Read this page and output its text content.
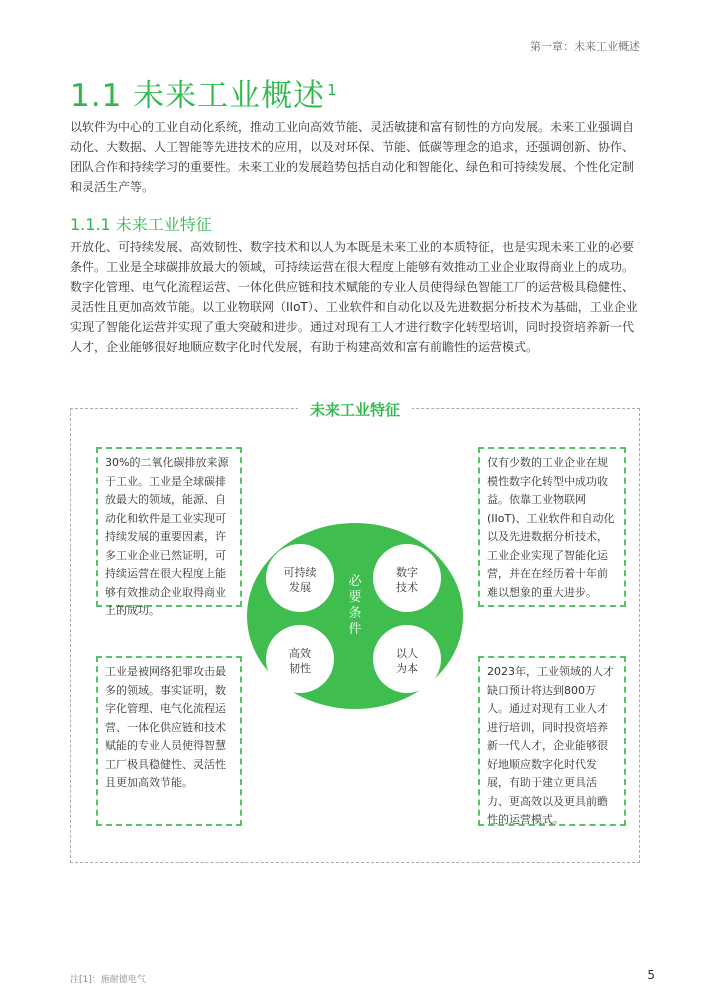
第一章：未来工业概述
1.1 未来工业概述 $^1$

以软件为中心的工业自动化系统，推动工业向高效节能、灵活敏捷和富有韧性的方向发展。未来工业强调自动化、大数据、人工智能等先进技术的应用，以及对环保、节能、低碳等理念的追求，还强调创新、协作、团队合作和持续学习的重要性。未来工业的发展趋势包括自动化和智能化、绿色和可持续发展、个性化定制和灵活生产等。

1.1.1 未来工业特征

开放化、可持续发展、高效韧性、数字技术和以人为本既是未来工业的本质特征，也是实现未来工业的必要条件。工业是全球碳排放最大的领域，可持续运营在很大程度上能够有效推动工业企业取得商业上的成功。数字化管理、电气化流程运营、一体化供应链和技术赋能的专业人员使得绿色智能工厂的运营极具稳健性、灵活性且更加高效节能。以工业物联网（IIoT）、工业软件和自动化以及先进数据分析技术为基础，工业企业实现了智能化运营并实现了重大突破和进步。通过对现有工人才进行数字化转型培训，同时投资培养新一代人才，企业能够很好地顺应数字化时代发展，有助于构建高效和富有前瞻性的运营模式。

未来工业特征
30%的二氧化碳排放来源于工业。工业是全球碳排放最大的领域，能源、自动化和软件是工业实现可持续发展的重要因素，许多工业企业已然证明，可持续运营在很大程度上能够有效推动企业取得商业上的成功。
仅有少数的工业企业在规模性数字化转型中成功收益。依靠工业物联网(IIoT)、工业软件和自动化以及先进数据分析技术，工业企业实现了智能化运营，并在在经历着十年前难以想象的重大进步。
工业是被网络犯罪攻击最多的领域。事实证明，数字化管理、电气化流程运营、一体化供应链和技术赋能的专业人员使得智慧工厂极具稳健性、灵活性且更加高效节能。
2023年，工业领域的人才缺口预计将达到800万人。通过对现有工业人才进行培训，同时投资培养新一代人才，企业能够很好地顺应数字化时代发展，有助于建立更具活力、更高效以及更具前瞻性的运营模式。
可持续发展
数字技术
高效韧性
以人为本
必要条件
注[1]：施耐德电气	5
